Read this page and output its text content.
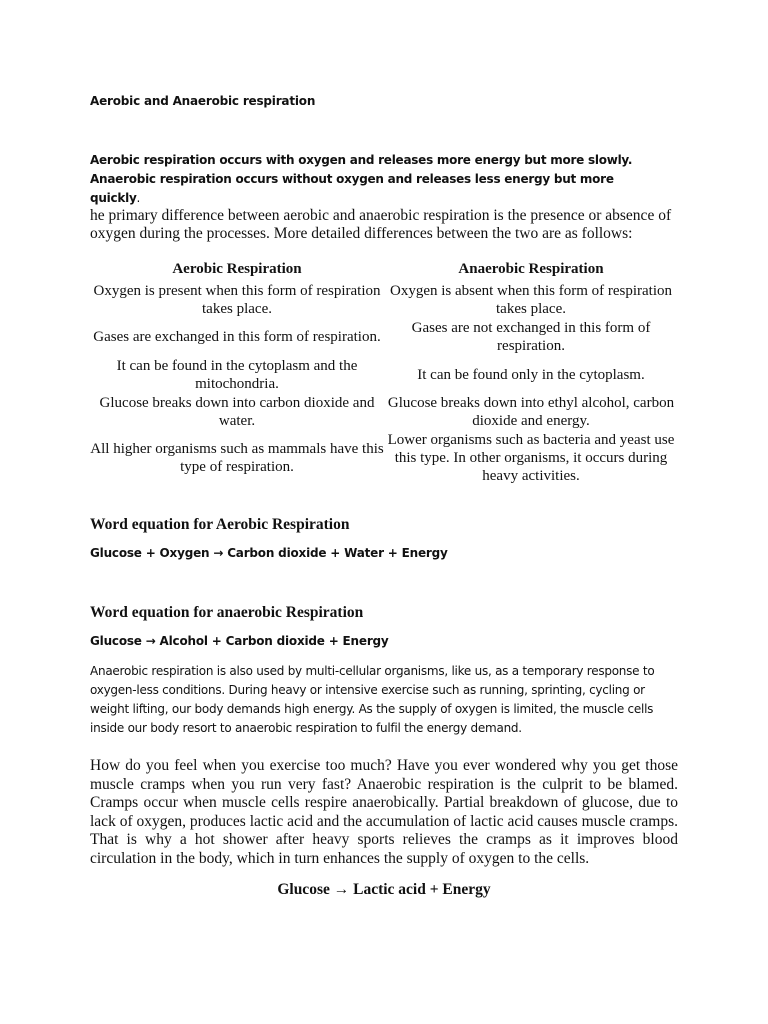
Aerobic and Anaerobic respiration
Aerobic respiration occurs with oxygen and releases more energy but more slowly. Anaerobic respiration occurs without oxygen and releases less energy but more quickly.
he primary difference between aerobic and anaerobic respiration is the presence or absence of oxygen during the processes. More detailed differences between the two are as follows:
Aerobic Respiration	Anaerobic Respiration
Oxygen is present when this form of respiration takes place.	Oxygen is absent when this form of respiration takes place.
Gases are exchanged in this form of respiration.	Gases are not exchanged in this form of respiration.
It can be found in the cytoplasm and the mitochondria.	It can be found only in the cytoplasm.
Glucose breaks down into carbon dioxide and water.	Glucose breaks down into ethyl alcohol, carbon dioxide and energy.
All higher organisms such as mammals have this type of respiration.	Lower organisms such as bacteria and yeast use this type. In other organisms, it occurs during heavy activities.
Word equation for Aerobic Respiration
Glucose + Oxygen → Carbon dioxide + Water + Energy
Word equation for anaerobic Respiration
Glucose → Alcohol + Carbon dioxide + Energy
Anaerobic respiration is also used by multi-cellular organisms, like us, as a temporary response to oxygen-less conditions. During heavy or intensive exercise such as running, sprinting, cycling or weight lifting, our body demands high energy. As the supply of oxygen is limited, the muscle cells inside our body resort to anaerobic respiration to fulfil the energy demand.
How do you feel when you exercise too much? Have you ever wondered why you get those muscle cramps when you run very fast? Anaerobic respiration is the culprit to be blamed. Cramps occur when muscle cells respire anaerobically. Partial breakdown of glucose, due to lack of oxygen, produces lactic acid and the accumulation of lactic acid causes muscle cramps. That is why a hot shower after heavy sports relieves the cramps as it improves blood circulation in the body, which in turn enhances the supply of oxygen to the cells.
Glucose → Lactic acid + Energy
